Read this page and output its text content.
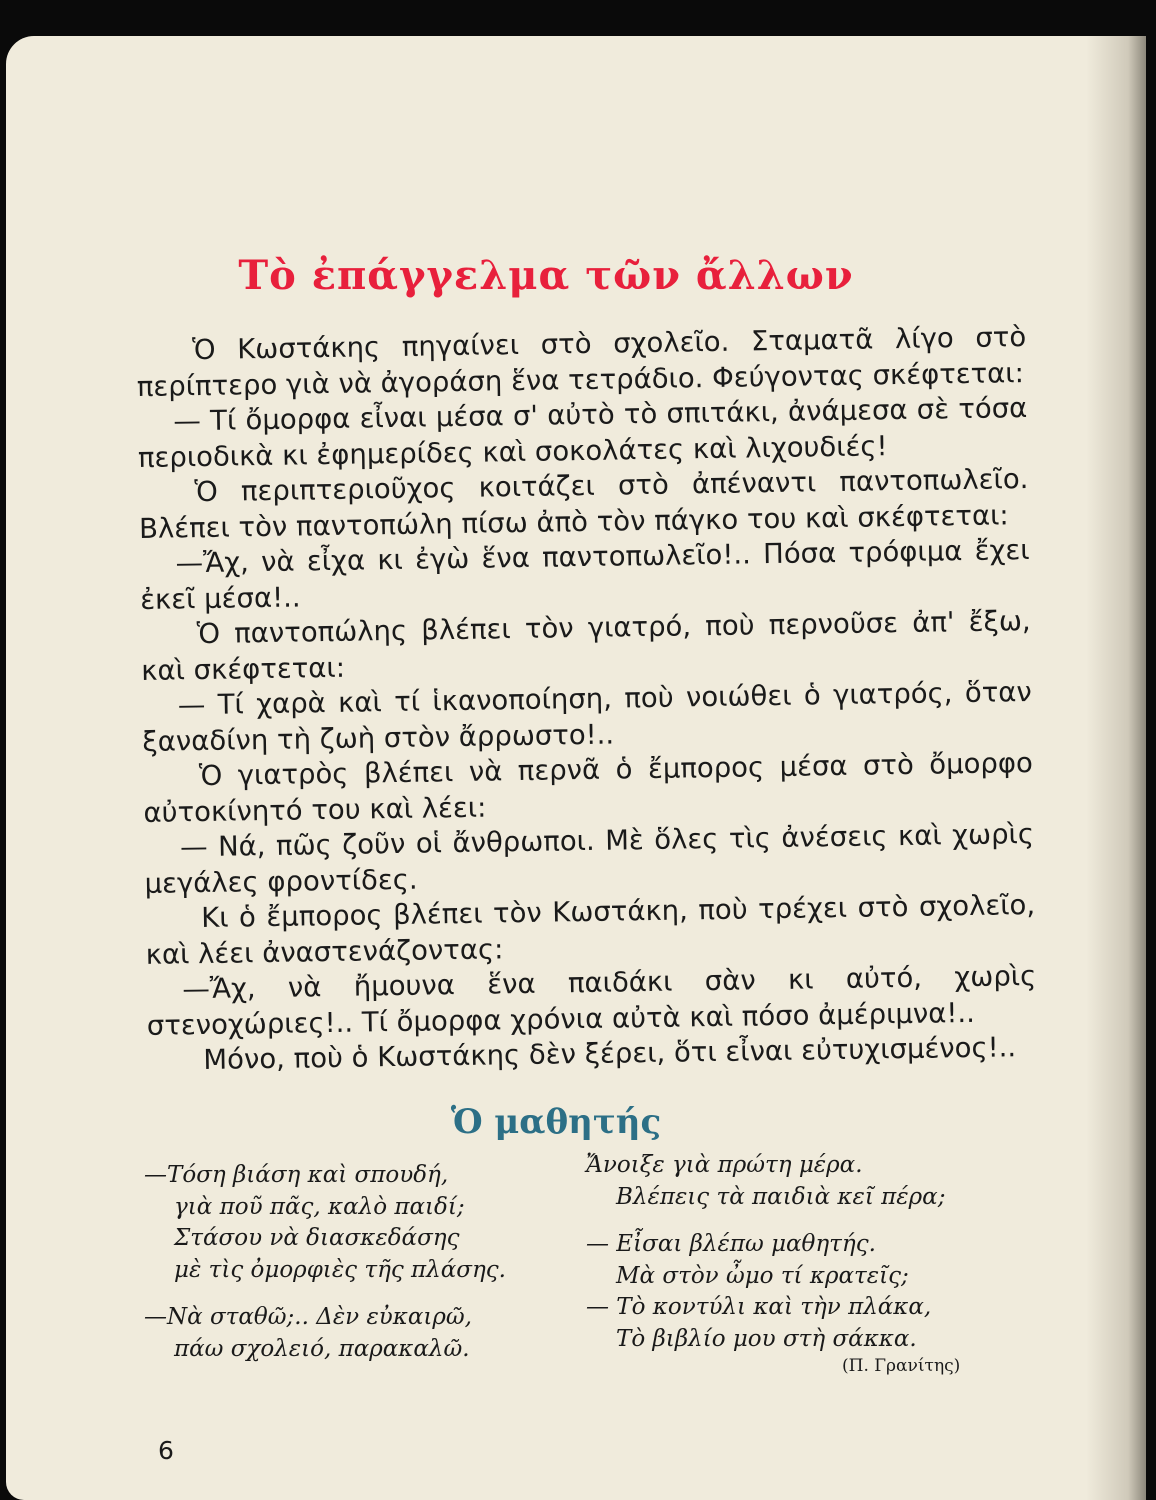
Τὸ ἐπάγγελμα τῶν ἄλλων

Ὁ Κωστάκης πηγαίνει στὸ σχολεῖο. Σταματᾶ λίγο στὸ περίπτερο γιὰ νὰ ἀγοράση ἕνα τετράδιο. Φεύγοντας σκέφτεται:

— Τί ὄμορφα εἶναι μέσα σ' αὐτὸ τὸ σπιτάκι, ἀνάμεσα σὲ τόσα περιοδικὰ κι ἐφημερίδες καὶ σοκολάτες καὶ λιχουδιές!

Ὁ περιπτεριοῦχος κοιτάζει στὸ ἀπέναντι παντοπωλεῖο. Βλέπει τὸν παντοπώλη πίσω ἀπὸ τὸν πάγκο του καὶ σκέφτεται:

—Ἄχ, νὰ εἶχα κι ἐγὼ ἕνα παντοπωλεῖο!.. Πόσα τρόφιμα ἔχει ἐκεῖ μέσα!..

Ὁ παντοπώλης βλέπει τὸν γιατρό, ποὺ περνοῦσε ἀπ' ἔξω, καὶ σκέφτεται:

— Τί χαρὰ καὶ τί ἱκανοποίηση, ποὺ νοιώθει ὁ γιατρός, ὅταν ξαναδίνη τὴ ζωὴ στὸν ἄρρωστο!..

Ὁ γιατρὸς βλέπει νὰ περνᾶ ὁ ἔμπορος μέσα στὸ ὄμορφο αὐτοκίνητό του καὶ λέει:

— Νά, πῶς ζοῦν οἱ ἄνθρωποι. Μὲ ὅλες τὶς ἀνέσεις καὶ χωρὶς μεγάλες φροντίδες.

Κι ὁ ἔμπορος βλέπει τὸν Κωστάκη, ποὺ τρέχει στὸ σχολεῖο, καὶ λέει ἀναστενάζοντας:

—Ἄχ, νὰ ἤμουνα ἕνα παιδάκι σὰν κι αὐτό, χωρὶς στενοχώριες!.. Τί ὄμορφα χρόνια αὐτὰ καὶ πόσο ἀμέριμνα!..

Μόνο, ποὺ ὁ Κωστάκης δὲν ξέρει, ὅτι εἶναι εὐτυχισμένος!..

Ὁ μαθητής
—Τόση βιάση καὶ σπουδή,
γιὰ ποῦ πᾶς, καλὸ παιδί;
Στάσου νὰ διασκεδάσης
μὲ τὶς ὀμορφιὲς τῆς πλάσης.
—Νὰ σταθῶ;.. Δὲν εὐκαιρῶ,
πάω σχολειό, παρακαλῶ.
Ἄνοιξε γιὰ πρώτη μέρα.
Βλέπεις τὰ παιδιὰ κεῖ πέρα;
— Εἶσαι βλέπω μαθητής.
Μὰ στὸν ὦμο τί κρατεῖς;
— Τὸ κοντύλι καὶ τὴν πλάκα,
Τὸ βιβλίο μου στὴ σάκκα.
(Π. Γρανίτης)
6
